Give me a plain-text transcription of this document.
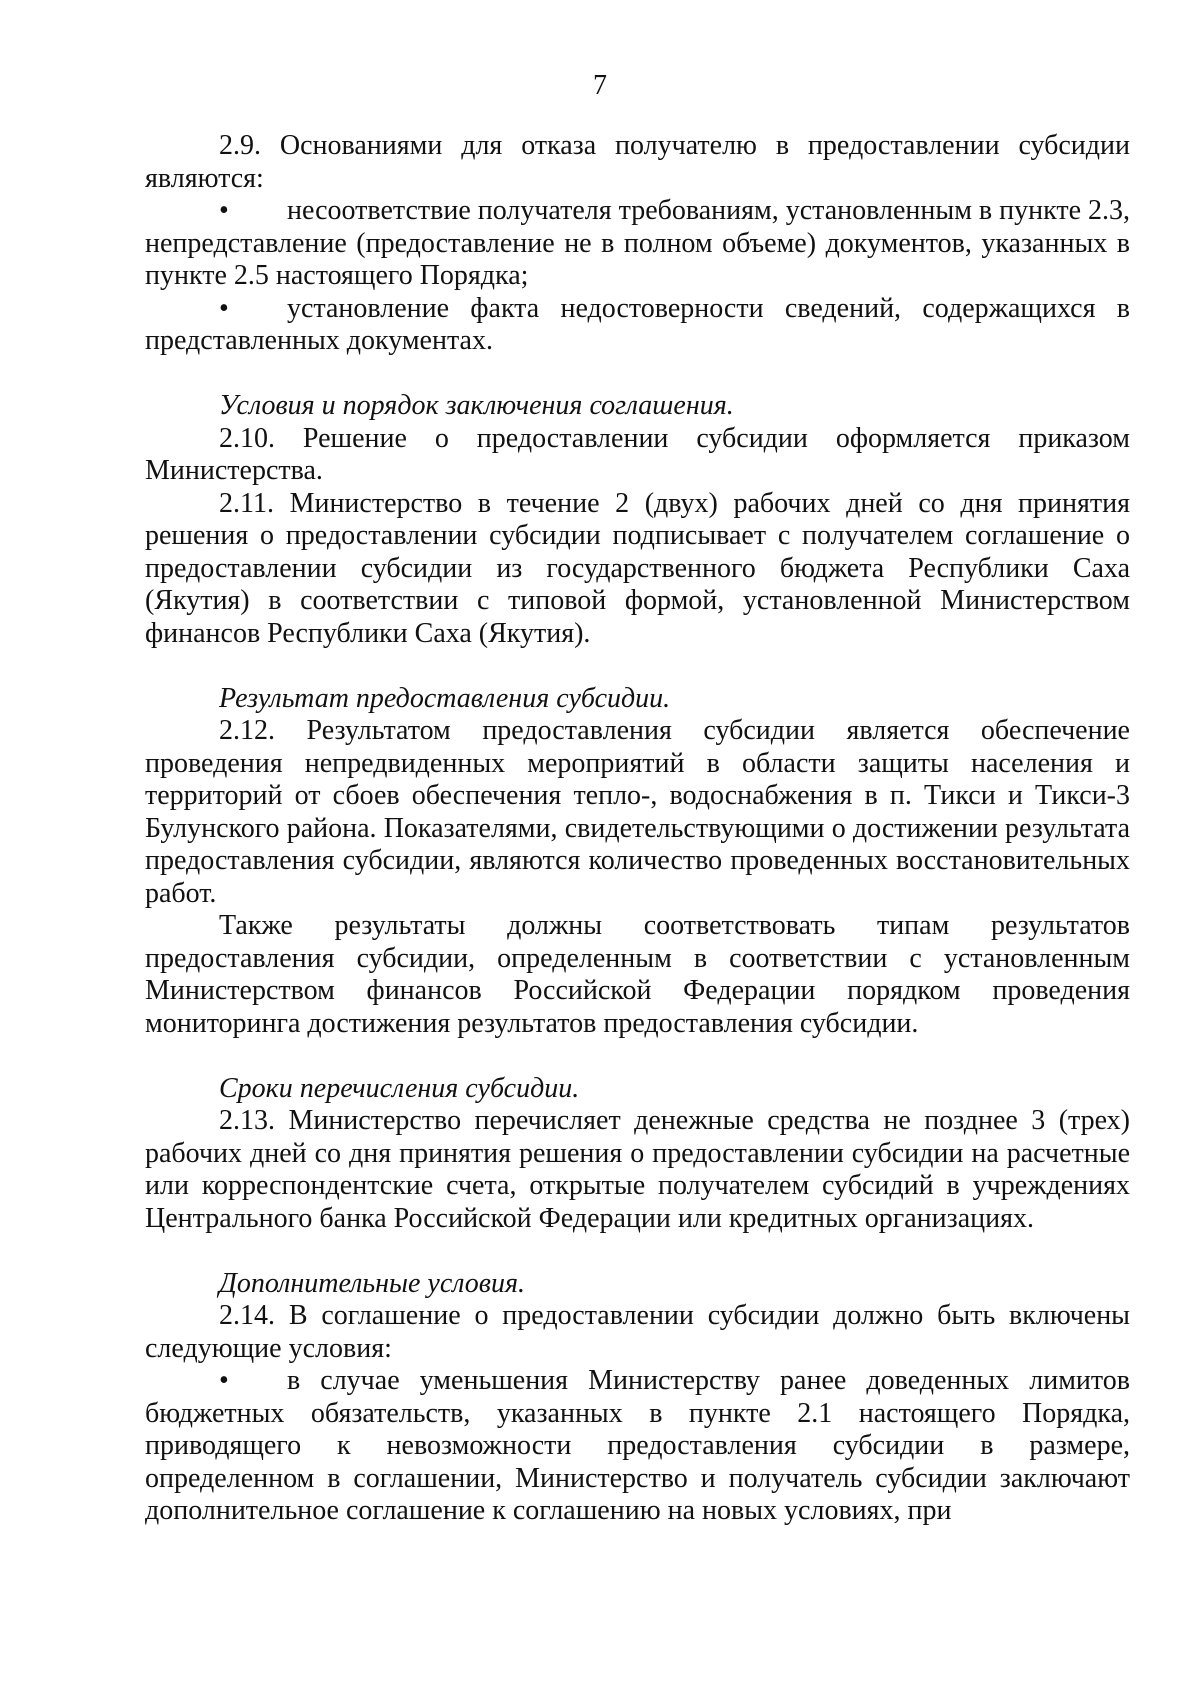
7

2.9. Основаниями для отказа получателю в предоставлении субсидии являются:

• несоответствие получателя требованиям, установленным в пункте 2.3, непредставление (предоставление не в полном объеме) документов, указанных в пункте 2.5 настоящего Порядка;

• установление факта недостоверности сведений, содержащихся в представленных документах.

Условия и порядок заключения соглашения.

2.10. Решение о предоставлении субсидии оформляется приказом Министерства.

2.11. Министерство в течение 2 (двух) рабочих дней со дня принятия решения о предоставлении субсидии подписывает с получателем соглашение о предоставлении субсидии из государственного бюджета Республики Саха (Якутия) в соответствии с типовой формой, установленной Министерством финансов Республики Саха (Якутия).

Результат предоставления субсидии.

2.12. Результатом предоставления субсидии является обеспечение проведения непредвиденных мероприятий в области защиты населения и территорий от сбоев обеспечения тепло-, водоснабжения в п. Тикси и Тикси-3 Булунского района. Показателями, свидетельствующими о достижении результата предоставления субсидии, являются количество проведенных восстановительных работ.

Также результаты должны соответствовать типам результатов предоставления субсидии, определенным в соответствии с установленным Министерством финансов Российской Федерации порядком проведения мониторинга достижения результатов предоставления субсидии.

Сроки перечисления субсидии.

2.13. Министерство перечисляет денежные средства не позднее 3 (трех) рабочих дней со дня принятия решения о предоставлении субсидии на расчетные или корреспондентские счета, открытые получателем субсидий в учреждениях Центрального банка Российской Федерации или кредитных организациях.

Дополнительные условия.

2.14. В соглашение о предоставлении субсидии должно быть включены следующие условия:

• в случае уменьшения Министерству ранее доведенных лимитов бюджетных обязательств, указанных в пункте 2.1 настоящего Порядка, приводящего к невозможности предоставления субсидии в размере, определенном в соглашении, Министерство и получатель субсидии заключают дополнительное соглашение к соглашению на новых условиях, при
